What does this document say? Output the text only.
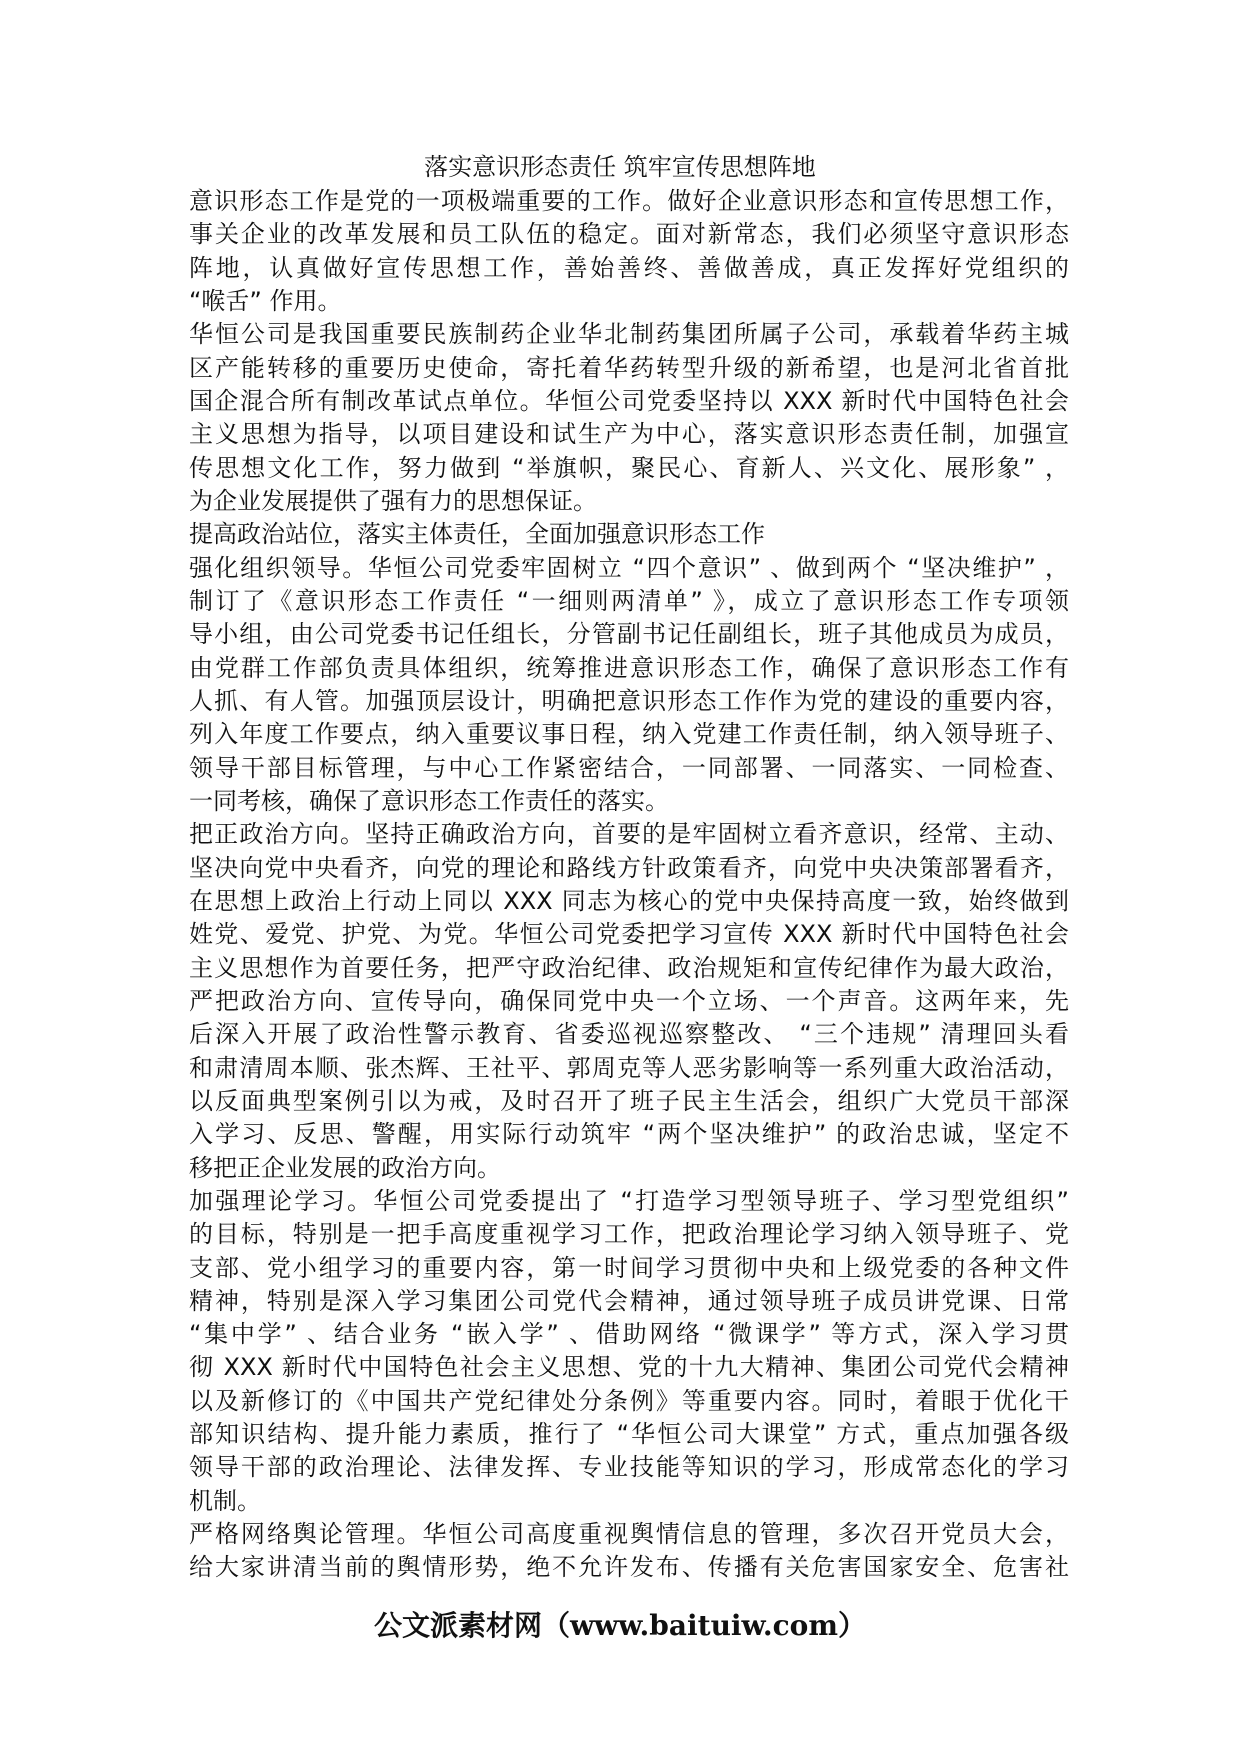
落实意识形态责任 筑牢宣传思想阵地
意识形态工作是党的一项极端重要的工作。做好企业意识形态和宣传思想工作，
事关企业的改革发展和员工队伍的稳定。面对新常态，我们必须坚守意识形态
阵地，认真做好宣传思想工作，善始善终、善做善成，真正发挥好党组织的
“喉舌” 作用。
华恒公司是我国重要民族制药企业华北制药集团所属子公司，承载着华药主城
区产能转移的重要历史使命，寄托着华药转型升级的新希望，也是河北省首批
国企混合所有制改革试点单位。华恒公司党委坚持以 XXX 新时代中国特色社会
主义思想为指导，以项目建设和试生产为中心，落实意识形态责任制，加强宣
传思想文化工作，努力做到 “举旗帜，聚民心、育新人、兴文化、展形象” ，
为企业发展提供了强有力的思想保证。
提高政治站位，落实主体责任，全面加强意识形态工作
强化组织领导。华恒公司党委牢固树立 “四个意识” 、做到两个 “坚决维护” ，
制订了《意识形态工作责任 “一细则两清单” 》，成立了意识形态工作专项领
导小组，由公司党委书记任组长，分管副书记任副组长，班子其他成员为成员，
由党群工作部负责具体组织，统筹推进意识形态工作，确保了意识形态工作有
人抓、有人管。加强顶层设计，明确把意识形态工作作为党的建设的重要内容，
列入年度工作要点，纳入重要议事日程，纳入党建工作责任制，纳入领导班子、
领导干部目标管理，与中心工作紧密结合，一同部署、一同落实、一同检查、
一同考核，确保了意识形态工作责任的落实。
把正政治方向。坚持正确政治方向，首要的是牢固树立看齐意识，经常、主动、
坚决向党中央看齐，向党的理论和路线方针政策看齐，向党中央决策部署看齐，
在思想上政治上行动上同以 XXX 同志为核心的党中央保持高度一致，始终做到
姓党、爱党、护党、为党。华恒公司党委把学习宣传 XXX 新时代中国特色社会
主义思想作为首要任务，把严守政治纪律、政治规矩和宣传纪律作为最大政治，
严把政治方向、宣传导向，确保同党中央一个立场、一个声音。这两年来，先
后深入开展了政治性警示教育、省委巡视巡察整改、 “三个违规” 清理回头看
和肃清周本顺、张杰辉、王社平、郭周克等人恶劣影响等一系列重大政治活动，
以反面典型案例引以为戒，及时召开了班子民主生活会，组织广大党员干部深
入学习、反思、警醒，用实际行动筑牢 “两个坚决维护” 的政治忠诚，坚定不
移把正企业发展的政治方向。
加强理论学习。华恒公司党委提出了 “打造学习型领导班子、学习型党组织”
的目标，特别是一把手高度重视学习工作，把政治理论学习纳入领导班子、党
支部、党小组学习的重要内容，第一时间学习贯彻中央和上级党委的各种文件
精神，特别是深入学习集团公司党代会精神，通过领导班子成员讲党课、日常
“集中学” 、结合业务 “嵌入学” 、借助网络 “微课学” 等方式，深入学习贯
彻 XXX 新时代中国特色社会主义思想、党的十九大精神、集团公司党代会精神
以及新修订的《中国共产党纪律处分条例》等重要内容。同时，着眼于优化干
部知识结构、提升能力素质，推行了 “华恒公司大课堂” 方式，重点加强各级
领导干部的政治理论、法律发挥、专业技能等知识的学习，形成常态化的学习
机制。
严格网络舆论管理。华恒公司高度重视舆情信息的管理，多次召开党员大会，
给大家讲清当前的舆情形势，绝不允许发布、传播有关危害国家安全、危害社
公文派素材网（www.baituiw.com）
